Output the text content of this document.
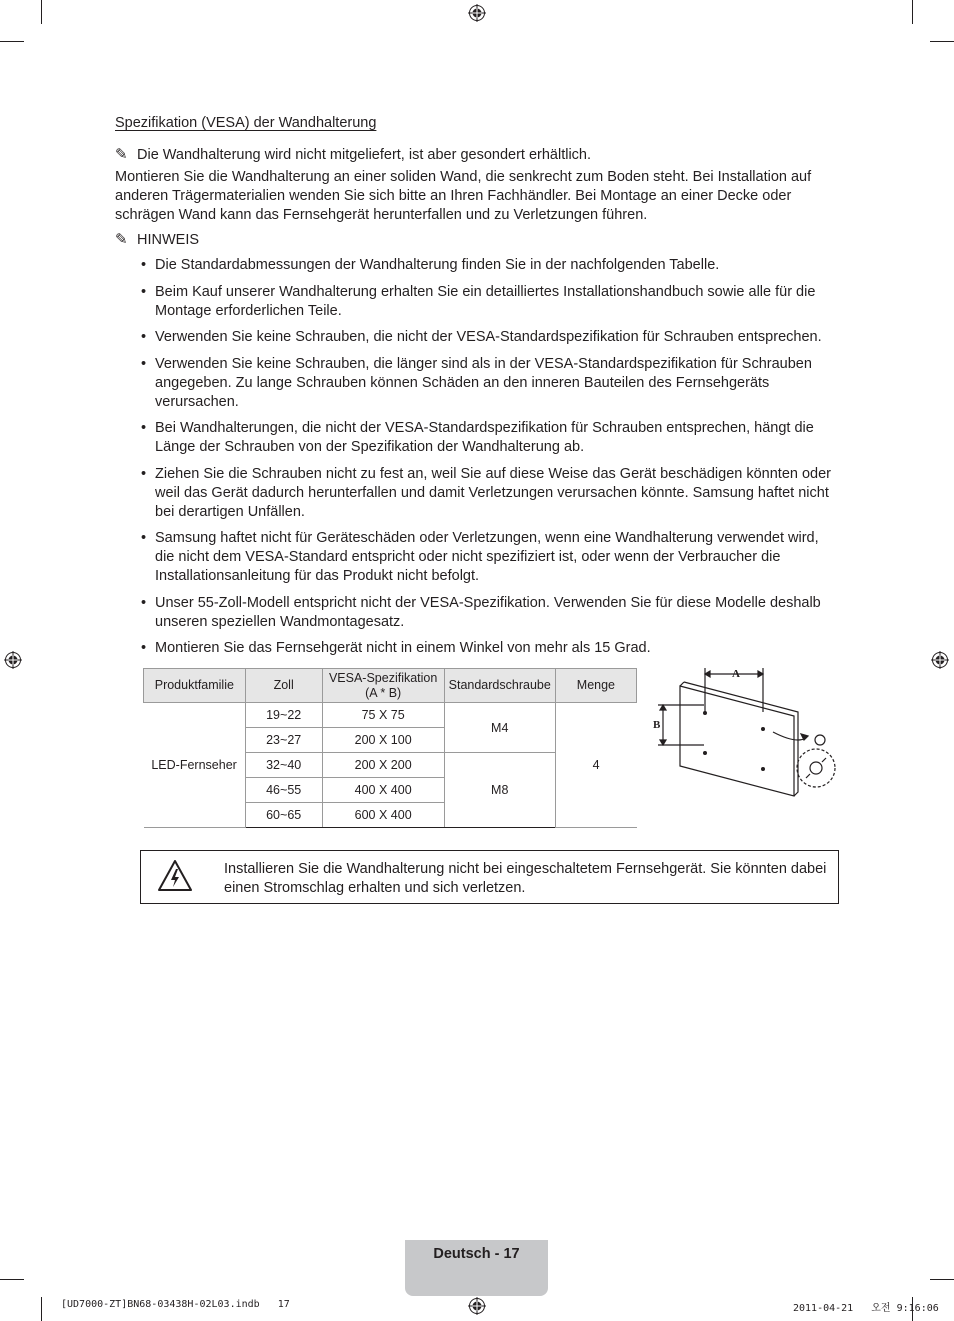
Spezifikation (VESA) der Wandhalterung

✎ Die Wandhalterung wird nicht mitgeliefert, ist aber gesondert erhältlich.

Montieren Sie die Wandhalterung an einer soliden Wand, die senkrecht zum Boden steht. Bei Installation auf anderen Trägermaterialien wenden Sie sich bitte an Ihren Fachhändler. Bei Montage an einer Decke oder schrägen Wand kann das Fernsehgerät herunterfallen und zu Verletzungen führen.

✎ HINWEIS

• Die Standardabmessungen der Wandhalterung finden Sie in der nachfolgenden Tabelle.
• Beim Kauf unserer Wandhalterung erhalten Sie ein detailliertes Installationshandbuch sowie alle für die Montage erforderlichen Teile.
• Verwenden Sie keine Schrauben, die nicht der VESA-Standardspezifikation für Schrauben entsprechen.
• Verwenden Sie keine Schrauben, die länger sind als in der VESA-Standardspezifikation für Schrauben angegeben. Zu lange Schrauben können Schäden an den inneren Bauteilen des Fernsehgeräts verursachen.
• Bei Wandhalterungen, die nicht der VESA-Standardspezifikation für Schrauben entsprechen, hängt die Länge der Schrauben von der Spezifikation der Wandhalterung ab.
• Ziehen Sie die Schrauben nicht zu fest an, weil Sie auf diese Weise das Gerät beschädigen könnten oder weil das Gerät dadurch herunterfallen und damit Verletzungen verursachen könnte. Samsung haftet nicht bei derartigen Unfällen.
• Samsung haftet nicht für Geräteschäden oder Verletzungen, wenn eine Wandhalterung verwendet wird, die nicht dem VESA-Standard entspricht oder nicht spezifiziert ist, oder wenn der Verbraucher die Installationsanleitung für das Produkt nicht befolgt.
• Unser 55-Zoll-Modell entspricht nicht der VESA-Spezifikation. Verwenden Sie für diese Modelle deshalb unseren speziellen Wandmontagesatz.
• Montieren Sie das Fernsehgerät nicht in einem Winkel von mehr als 15 Grad.
Produktfamilie	Zoll	VESA-Spezifikation (A * B)	Standardschraube	Menge
LED-Fernseher	19~22	75 X 75	M4	4
	23~27	200 X 100		
	32~40	200 X 200	M8	
	46~55	400 X 400		
	60~65	600 X 400		
A
B
Installieren Sie die Wandhalterung nicht bei eingeschaltetem Fernsehgerät. Sie könnten dabei einen Stromschlag erhalten und sich verletzen.
Deutsch - 17
[UD7000-ZT]BN68-03438H-02L03.indb   17	2011-04-21   오전 9:16:06
